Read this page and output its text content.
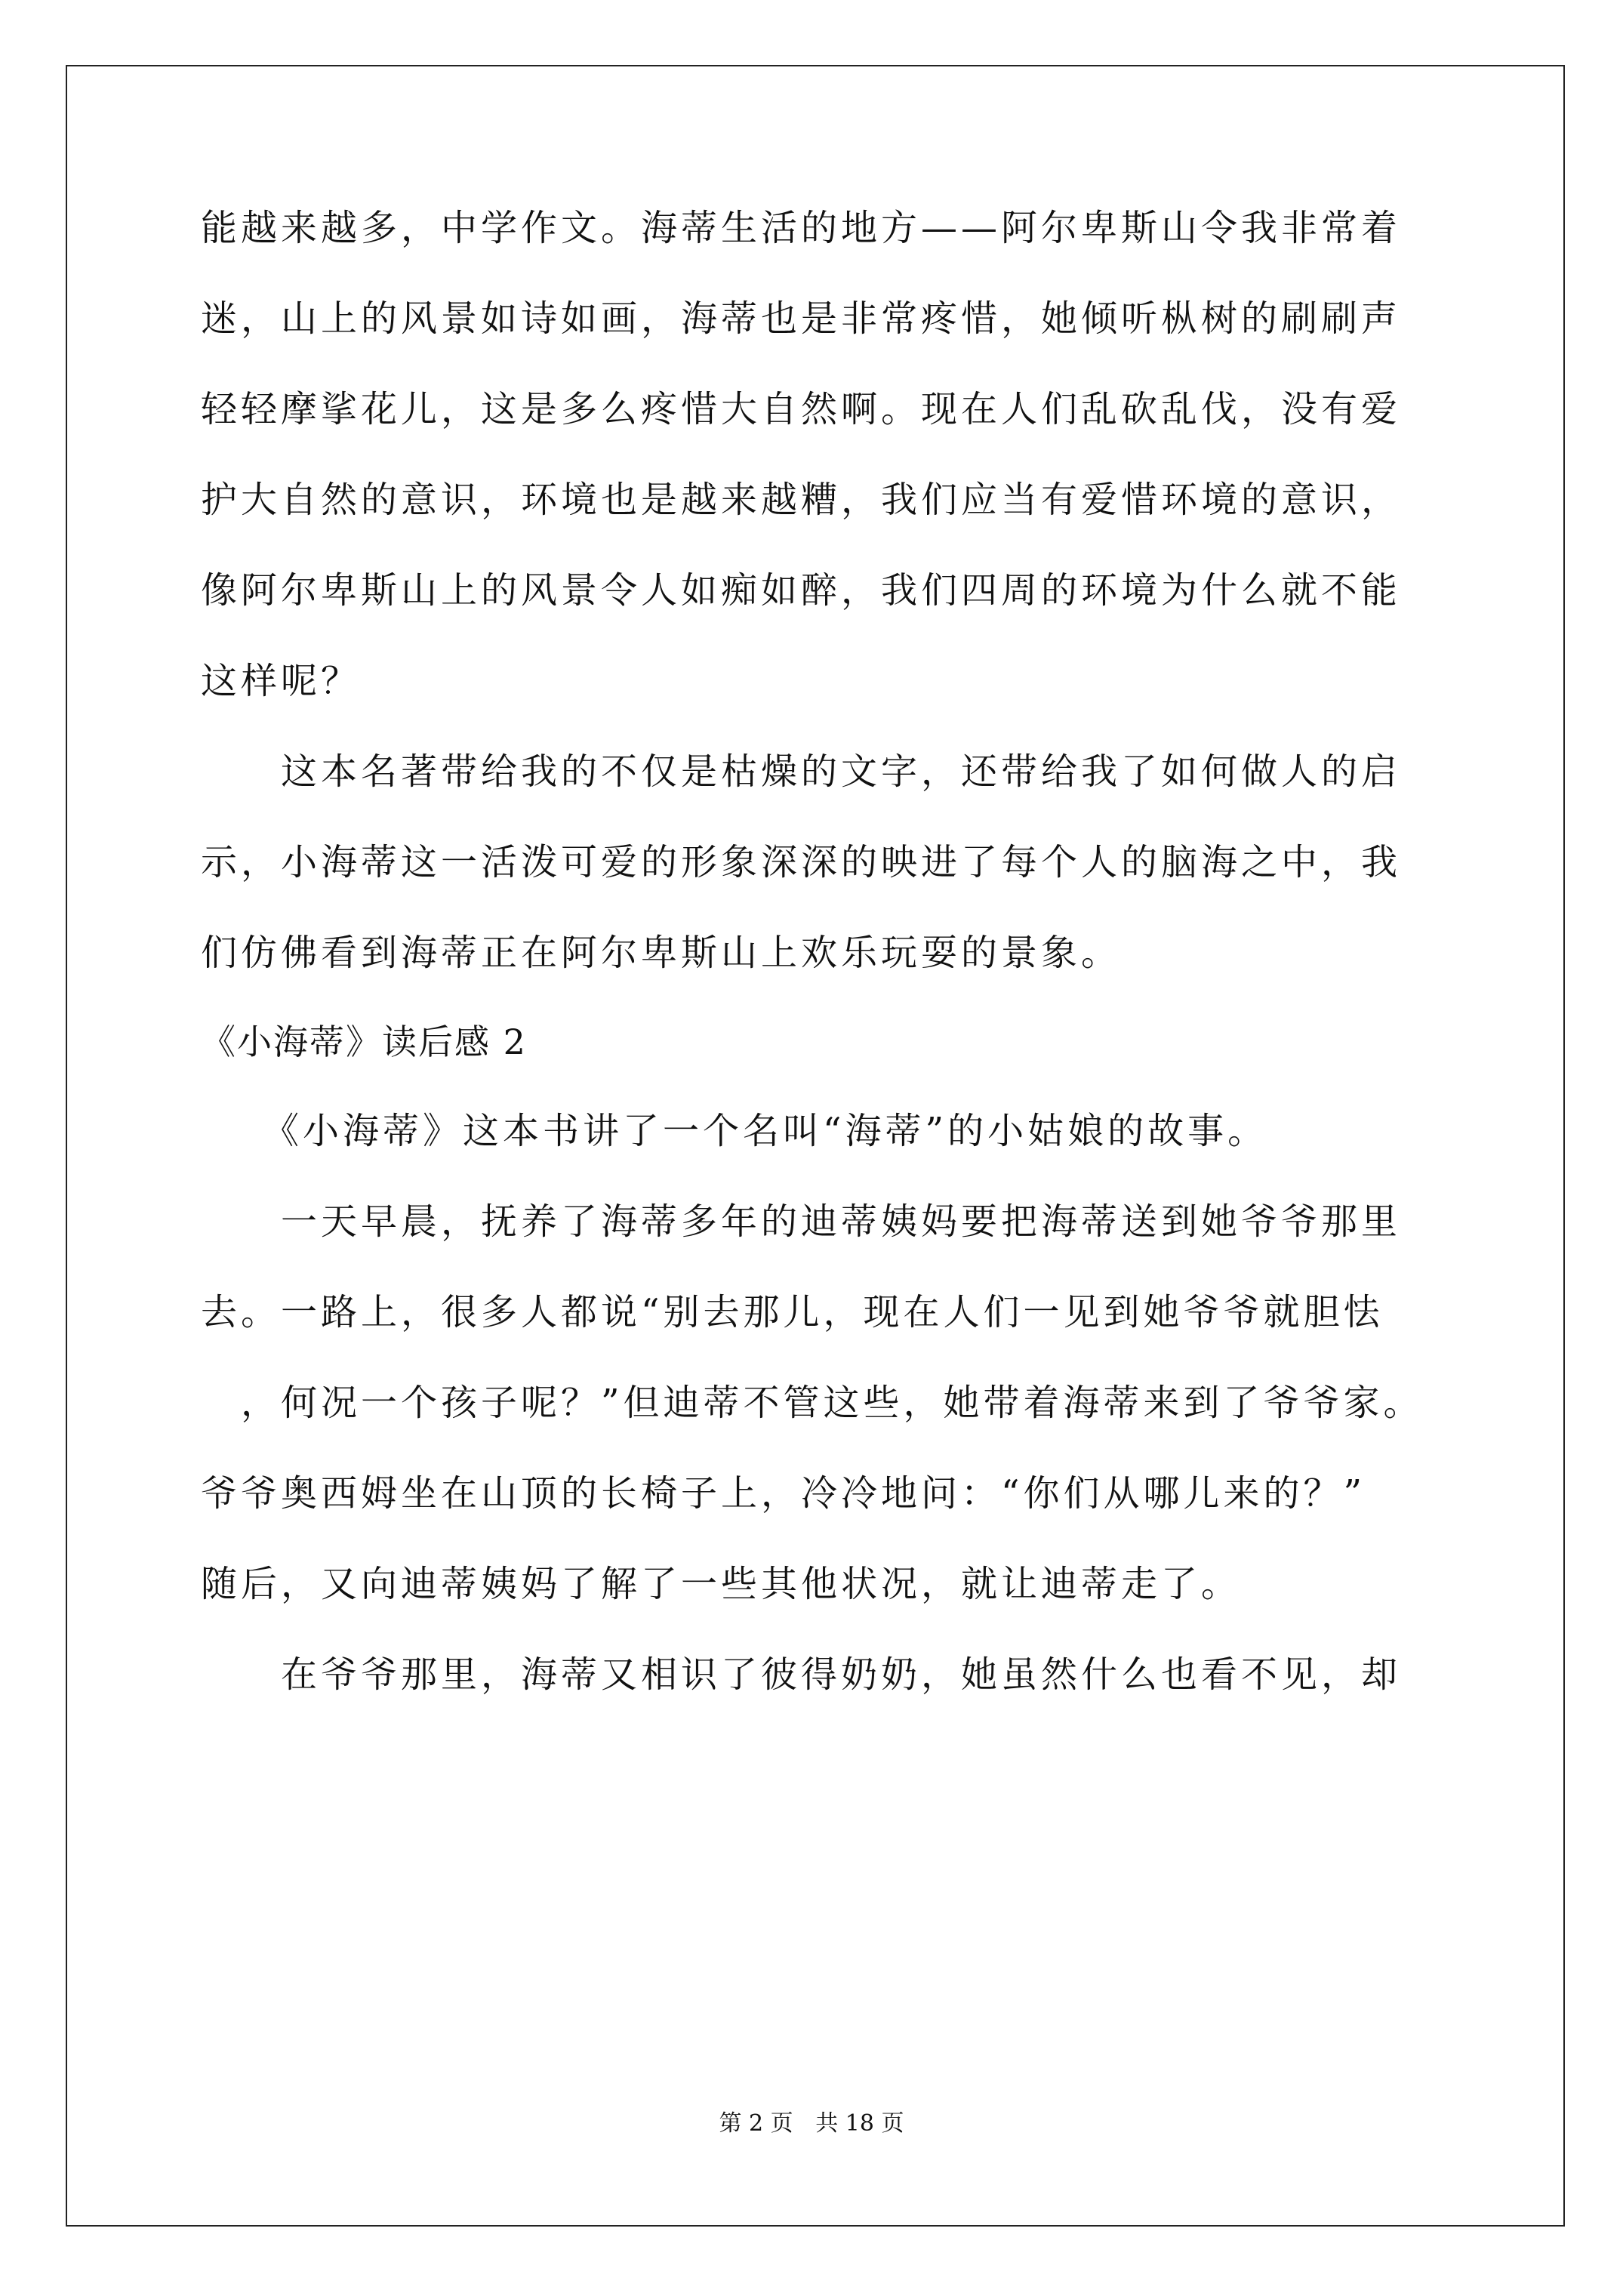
能越来越多，中学作文。海蒂生活的地方——阿尔卑斯山令我非常着
迷，山上的风景如诗如画，海蒂也是非常疼惜，她倾听枞树的刷刷声
轻轻摩挲花儿，这是多么疼惜大自然啊。现在人们乱砍乱伐，没有爱
护大自然的意识，环境也是越来越糟，我们应当有爱惜环境的意识，
像阿尔卑斯山上的风景令人如痴如醉，我们四周的环境为什么就不能
这样呢？
　　这本名著带给我的不仅是枯燥的文字，还带给我了如何做人的启
示，小海蒂这一活泼可爱的形象深深的映进了每个人的脑海之中，我
们仿佛看到海蒂正在阿尔卑斯山上欢乐玩耍的景象。
《小海蒂》读后感 2
　　《小海蒂》这本书讲了一个名叫“海蒂”的小姑娘的故事。
　　一天早晨，抚养了海蒂多年的迪蒂姨妈要把海蒂送到她爷爷那里
去。一路上，很多人都说“别去那儿，现在人们一见到她爷爷就胆怯
　，何况一个孩子呢？”但迪蒂不管这些，她带着海蒂来到了爷爷家。
爷爷奥西姆坐在山顶的长椅子上，冷冷地问：“你们从哪儿来的？”
随后，又向迪蒂姨妈了解了一些其他状况，就让迪蒂走了。
　　在爷爷那里，海蒂又相识了彼得奶奶，她虽然什么也看不见，却
第 2 页 共 18 页
